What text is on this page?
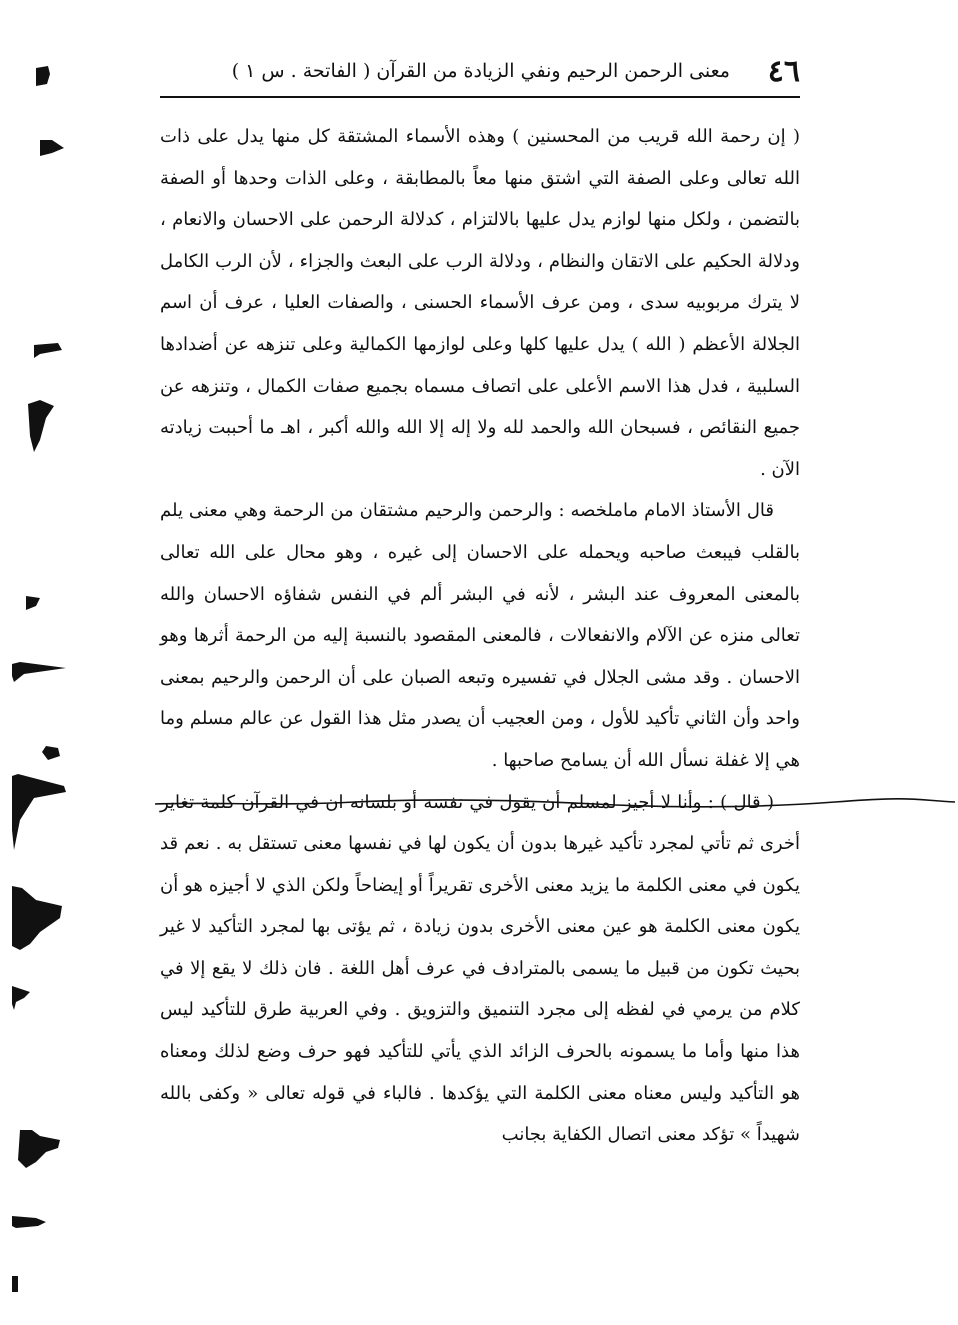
٤٦
معنى الرحمن الرحيم ونفي الزيادة من القرآن ( الفاتحة . س ١ )

( إن رحمة الله قريب من المحسنين ) وهذه الأسماء المشتقة كل منها يدل على ذات الله تعالى وعلى الصفة التي اشتق منها معاً بالمطابقة ، وعلى الذات وحدها أو الصفة بالتضمن ، ولكل منها لوازم يدل عليها بالالتزام ، كدلالة الرحمن على الاحسان والانعام ، ودلالة الحكيم على الاتقان والنظام ، ودلالة الرب على البعث والجزاء ، لأن الرب الكامل لا يترك مربوبيه سدى ، ومن عرف الأسماء الحسنى ، والصفات العليا ، عرف أن اسم الجلالة الأعظم ( الله ) يدل عليها كلها وعلى لوازمها الكمالية وعلى تنزهه عن أضدادها السلبية ، فدل هذا الاسم الأعلى على اتصاف مسماه بجميع صفات الكمال ، وتنزهه عن جميع النقائص ، فسبحان الله والحمد لله ولا إله إلا الله والله أكبر ، اهـ ما أحببت زيادته الآن .

قال الأستاذ الامام ماملخصه : والرحمن والرحيم مشتقان من الرحمة وهي معنى يلم بالقلب فيبعث صاحبه ويحمله على الاحسان إلى غيره ، وهو محال على الله تعالى بالمعنى المعروف عند البشر ، لأنه في البشر ألم في النفس شفاؤه الاحسان والله تعالى منزه عن الآلام والانفعالات ، فالمعنى المقصود بالنسبة إليه من الرحمة أثرها وهو الاحسان . وقد مشى الجلال في تفسيره وتبعه الصبان على أن الرحمن والرحيم بمعنى واحد وأن الثاني تأكيد للأول ، ومن العجيب أن يصدر مثل هذا القول عن عالم مسلم وما هي إلا غفلة نسأل الله أن يسامح صاحبها .

( قال ) : وأنا لا أجيز لمسلم أن يقول في نفسه أو بلسانه ان في القرآن كلمة تغاير أخرى ثم تأتي لمجرد تأكيد غيرها بدون أن يكون لها في نفسها معنى تستقل به . نعم قد يكون في معنى الكلمة ما يزيد معنى الأخرى تقريراً أو إيضاحاً ولكن الذي لا أجيزه هو أن يكون معنى الكلمة هو عين معنى الأخرى بدون زيادة ، ثم يؤتى بها لمجرد التأكيد لا غير بحيث تكون من قبيل ما يسمى بالمترادف في عرف أهل اللغة . فان ذلك لا يقع إلا في كلام من يرمي في لفظه إلى مجرد التنميق والتزويق . وفي العربية طرق للتأكيد ليس هذا منها وأما ما يسمونه بالحرف الزائد الذي يأتي للتأكيد فهو حرف وضع لذلك ومعناه هو التأكيد وليس معناه معنى الكلمة التي يؤكدها . فالباء في قوله تعالى « وكفى بالله شهيداً » تؤكد معنى اتصال الكفاية بجانب
